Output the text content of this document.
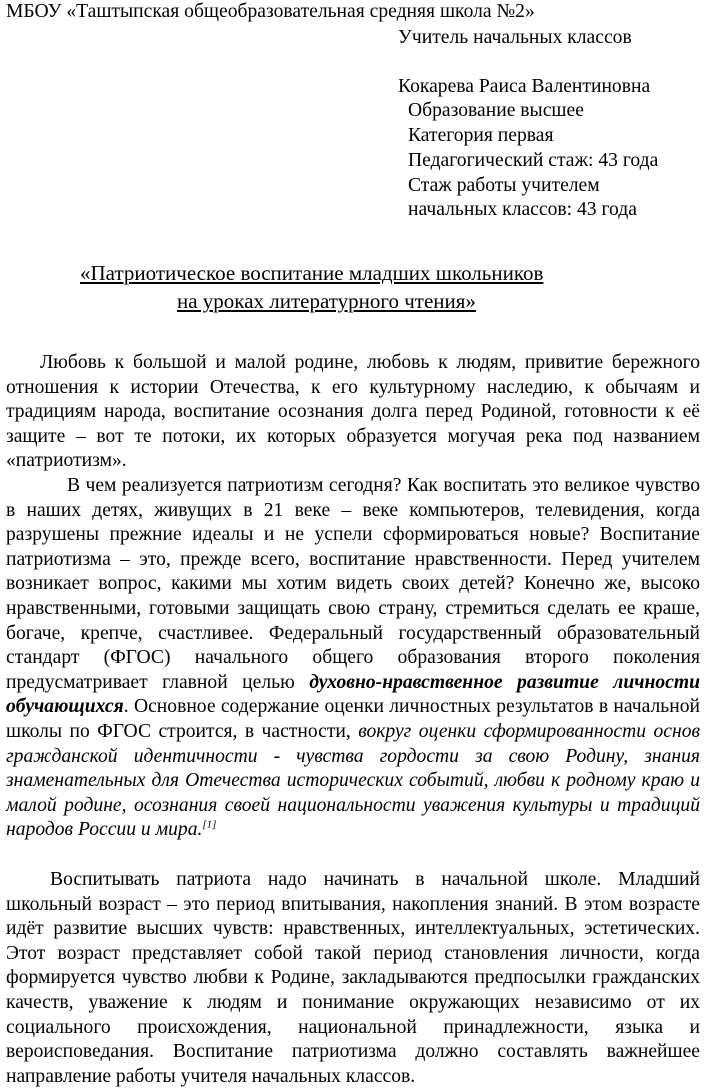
МБОУ «Таштыпская общеобразовательная средняя школа №2»
Учитель начальных классов
Кокарева Раиса Валентиновна
Образование высшее
Категория первая
Педагогический стаж: 43 года
Стаж работы учителем
начальных классов: 43 года
«Патриотическое воспитание младших школьников
на уроках литературного чтения»

Любовь к большой и малой родине, любовь к людям, привитие бережного отношения к истории Отечества, к его культурному наследию, к обычаям и традициям народа, воспитание осознания долга перед Родиной, готовности к её защите – вот те потоки, их которых образуется могучая река под названием «патриотизм».

В чем реализуется патриотизм сегодня? Как воспитать это великое чувство в наших детях, живущих в 21 веке – веке компьютеров, телевидения, когда разрушены прежние идеалы и не успели сформироваться новые? Воспитание патриотизма – это, прежде всего, воспитание нравственности. Перед учителем возникает вопрос, какими мы хотим видеть своих детей? Конечно же, высоко нравственными, готовыми защищать свою страну, стремиться сделать ее краше, богаче, крепче, счастливее. Федеральный государственный образовательный стандарт (ФГОС) начального общего образования второго поколения предусматривает главной целью духовно-нравственное развитие личности обучающихся. Основное содержание оценки личностных результатов в начальной школы по ФГОС строится, в частности, вокруг оценки сформированности основ гражданской идентичности - чувства гордости за свою Родину, знания знаменательных для Отечества исторических событий, любви к родному краю и малой родине, осознания своей национальности уважения культуры и традиций народов России и мира.[1]

Воспитывать патриота надо начинать в начальной школе. Младший школьный возраст – это период впитывания, накопления знаний. В этом возрасте идёт развитие высших чувств: нравственных, интеллектуальных, эстетических. Этот возраст представляет собой такой период становления личности, когда формируется чувство любви к Родине, закладываются предпосылки гражданских качеств, уважение к людям и понимание окружающих независимо от их социального происхождения, национальной принадлежности, языка и вероисповедания. Воспитание патриотизма должно составлять важнейшее направление работы учителя начальных классов.
